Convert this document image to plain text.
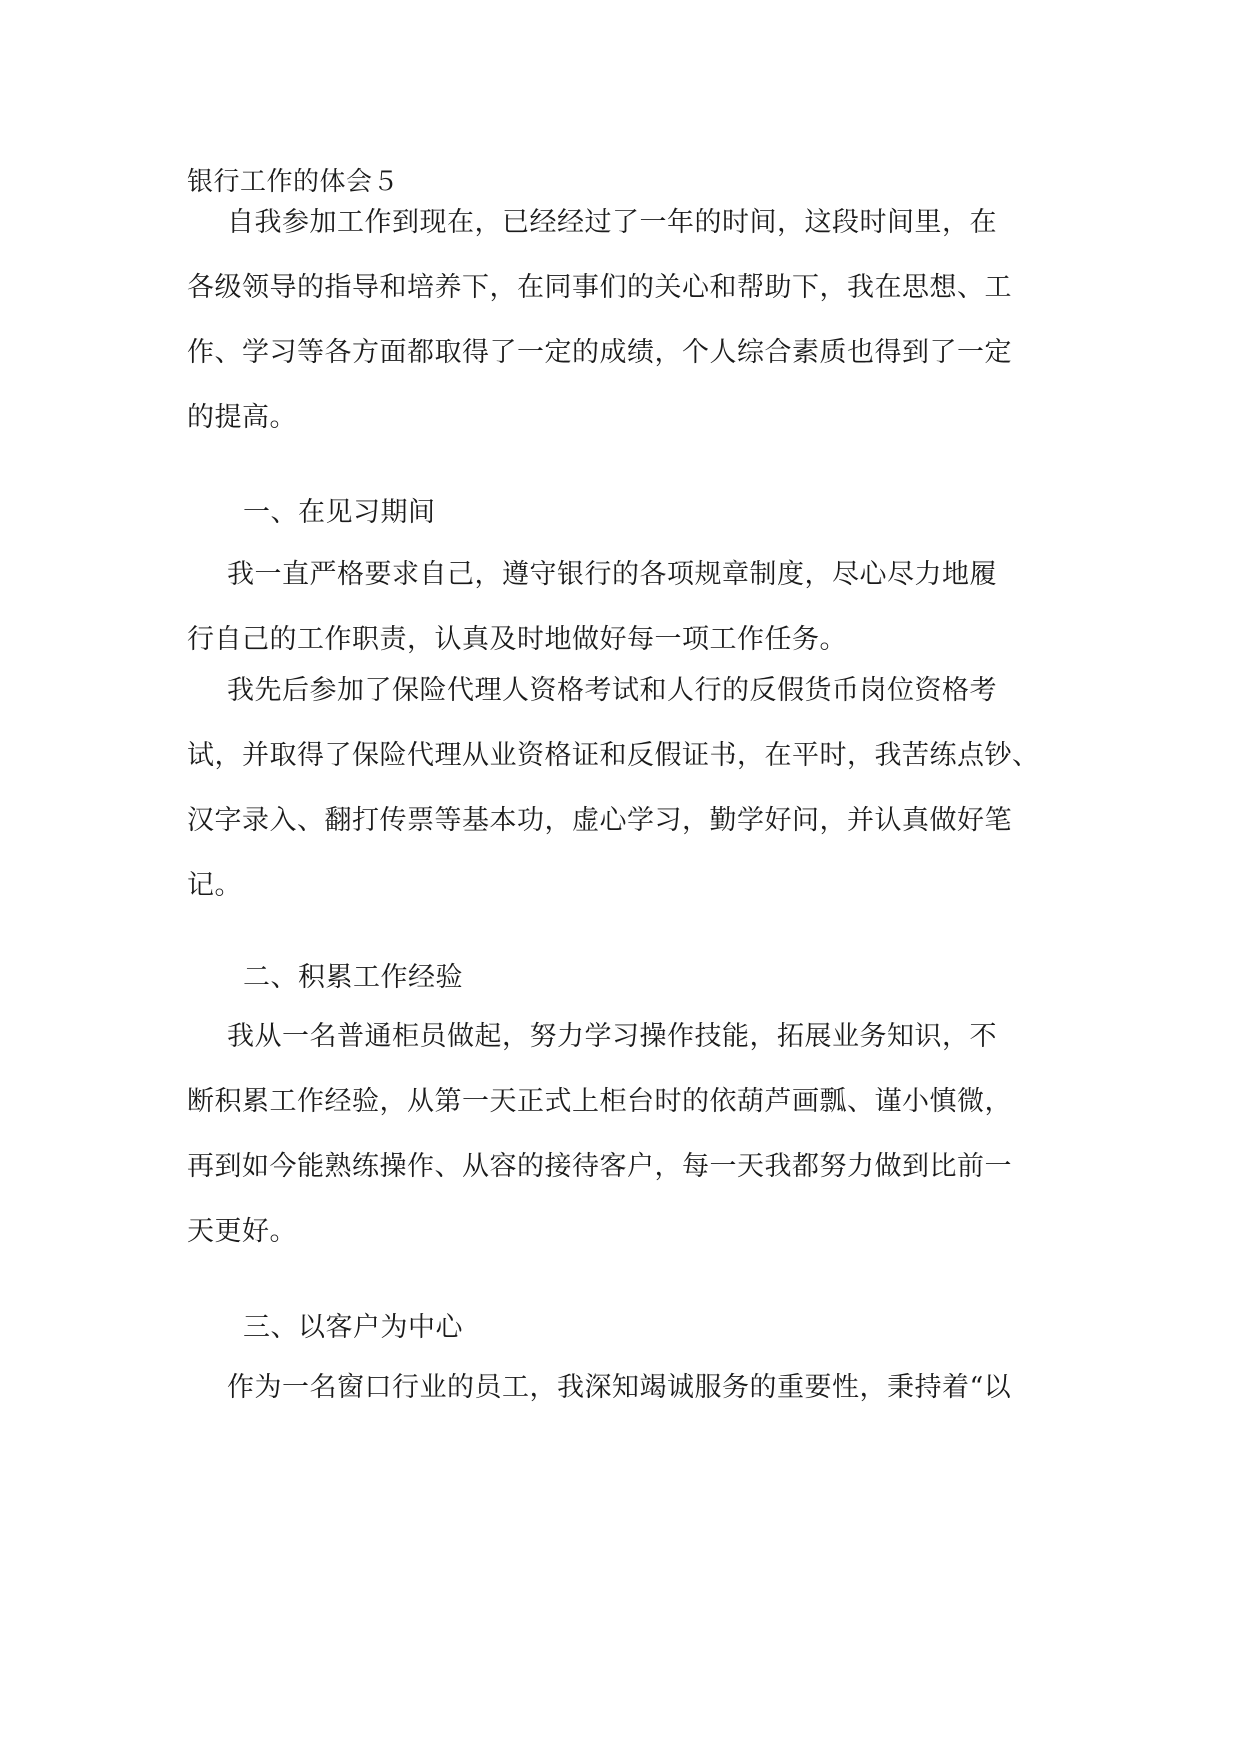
银行工作的体会５
自我参加工作到现在，已经经过了一年的时间，这段时间里，在
各级领导的指导和培养下，在同事们的关心和帮助下，我在思想、工
作、学习等各方面都取得了一定的成绩，个人综合素质也得到了一定
的提高。
一、在见习期间
我一直严格要求自己，遵守银行的各项规章制度，尽心尽力地履
行自己的工作职责，认真及时地做好每一项工作任务。
我先后参加了保险代理人资格考试和人行的反假货币岗位资格考
试，并取得了保险代理从业资格证和反假证书，在平时，我苦练点钞、
汉字录入、翻打传票等基本功，虚心学习，勤学好问，并认真做好笔
记。
二、积累工作经验
我从一名普通柜员做起，努力学习操作技能，拓展业务知识，不
断积累工作经验，从第一天正式上柜台时的依葫芦画瓢、谨小慎微，
再到如今能熟练操作、从容的接待客户，每一天我都努力做到比前一
天更好。
三、以客户为中心
作为一名窗口行业的员工，我深知竭诚服务的重要性，秉持着“以
